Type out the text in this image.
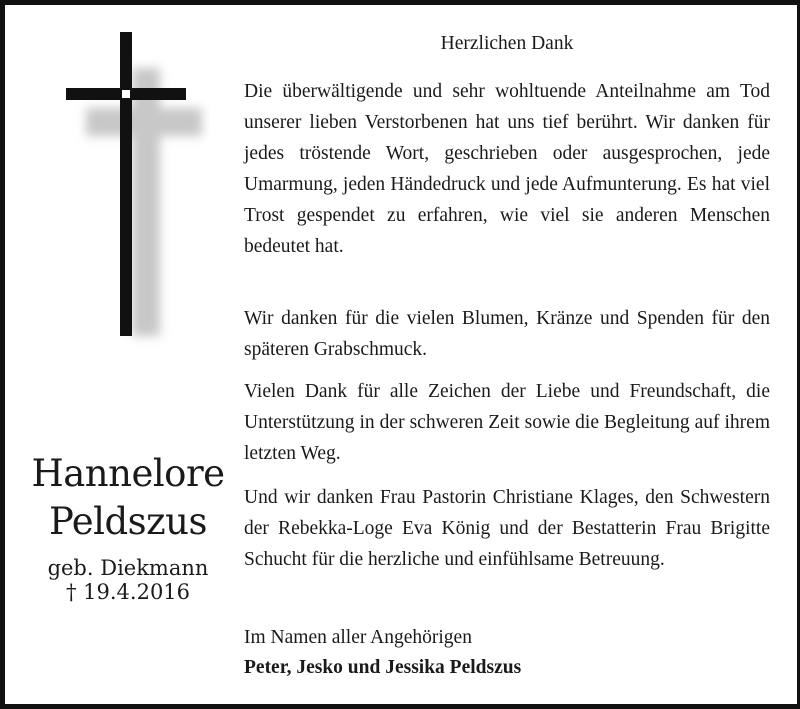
Hannelore
Peldszus
geb. Diekmann
† 19.4.2016
Herzlichen Dank
Die überwältigende und sehr wohltuende Anteilnahme am Tod unserer lieben Verstorbenen hat uns tief berührt. Wir danken für jedes tröstende Wort, geschrieben oder ausgesprochen, jede Umarmung, jeden Händedruck und jede Aufmunterung. Es hat viel Trost gespendet zu erfahren, wie viel sie anderen Menschen bedeutet hat.
Wir danken für die vielen Blumen, Kränze und Spenden für den späteren Grabschmuck.
Vielen Dank für alle Zeichen der Liebe und Freundschaft, die Unterstützung in der schweren Zeit sowie die Begleitung auf ihrem letzten Weg.
Und wir danken Frau Pastorin Christiane Klages, den Schwestern der Rebekka-Loge Eva König und der Bestatterin Frau Brigitte Schucht für die herzliche und einfühlsame Betreuung.
Im Namen aller Angehörigen
Peter, Jesko und Jessika Peldszus
